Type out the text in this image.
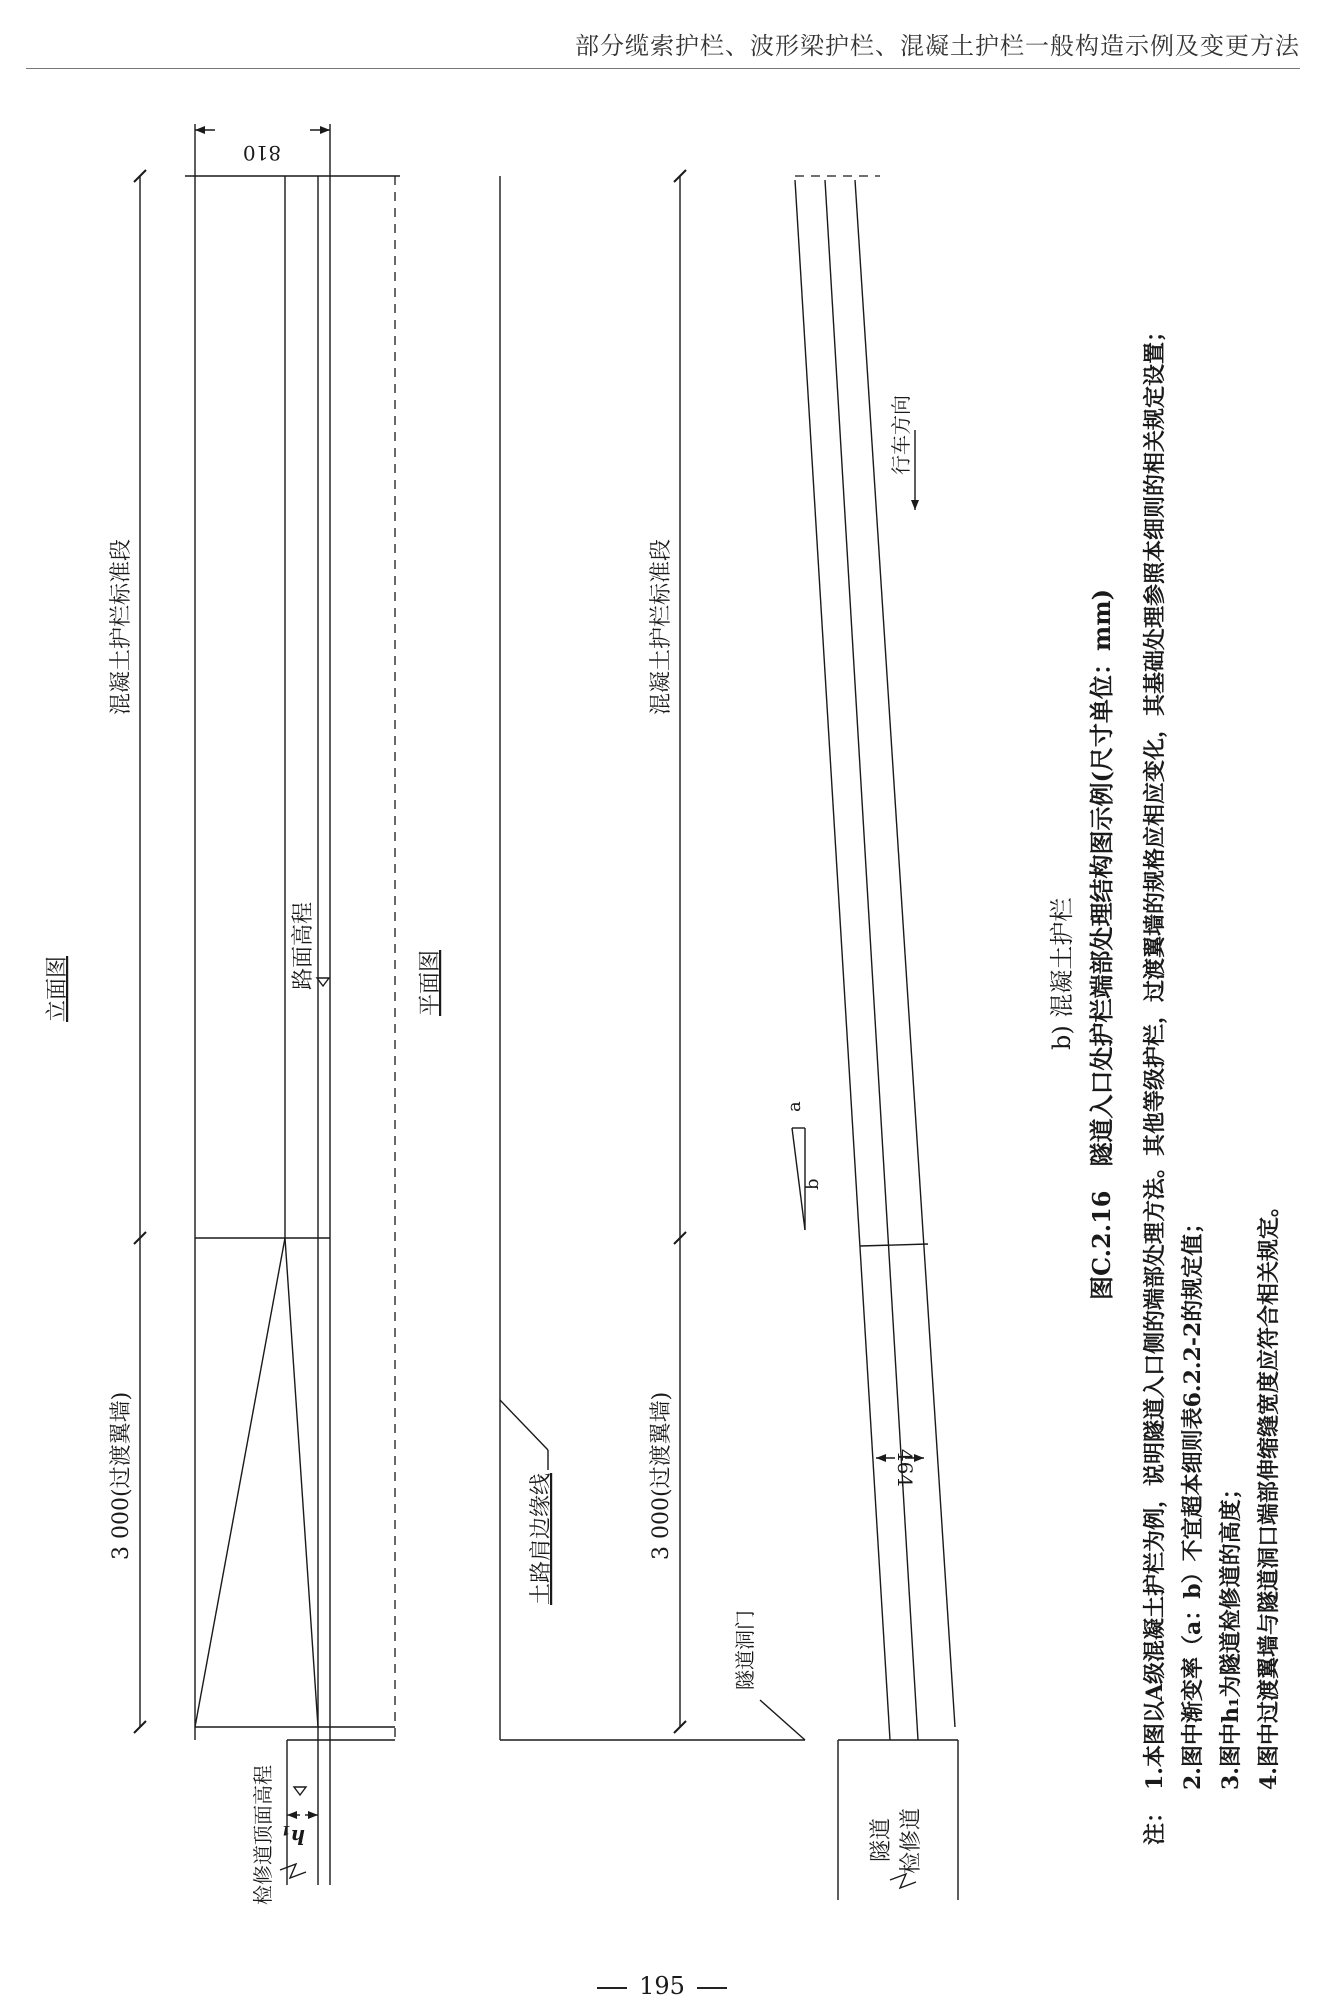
部分缆索护栏、波形梁护栏、混凝土护栏一般构造示例及变更方法
立面图
混凝土护栏标准段
3 000(过渡翼墙)
810
路面高程
检修道顶面高程 $h_1$
平面图
混凝土护栏标准段
3 000(过渡翼墙)
土路肩边缘线
隧道洞门
隧道 检修道
464
行车方向
a
b
b) 混凝土护栏 图C.2.16　隧道入口处护栏端部处理结构图示例(尺寸单位：mm)
注：
1.本图以A级混凝土护栏为例，说明隧道入口侧的端部处理方法。其他等级护栏，过渡翼墙的规格应相应变化，其基础处理参照本细则的相关规定设置； 2.图中渐变率（a：b）不宜超本细则表6.2.2-2的规定值； 3.图中h₁为隧道检修道的高度； 4.图中过渡翼墙与隧道洞口端部伸缩缝宽度应符合相关规定。
195
